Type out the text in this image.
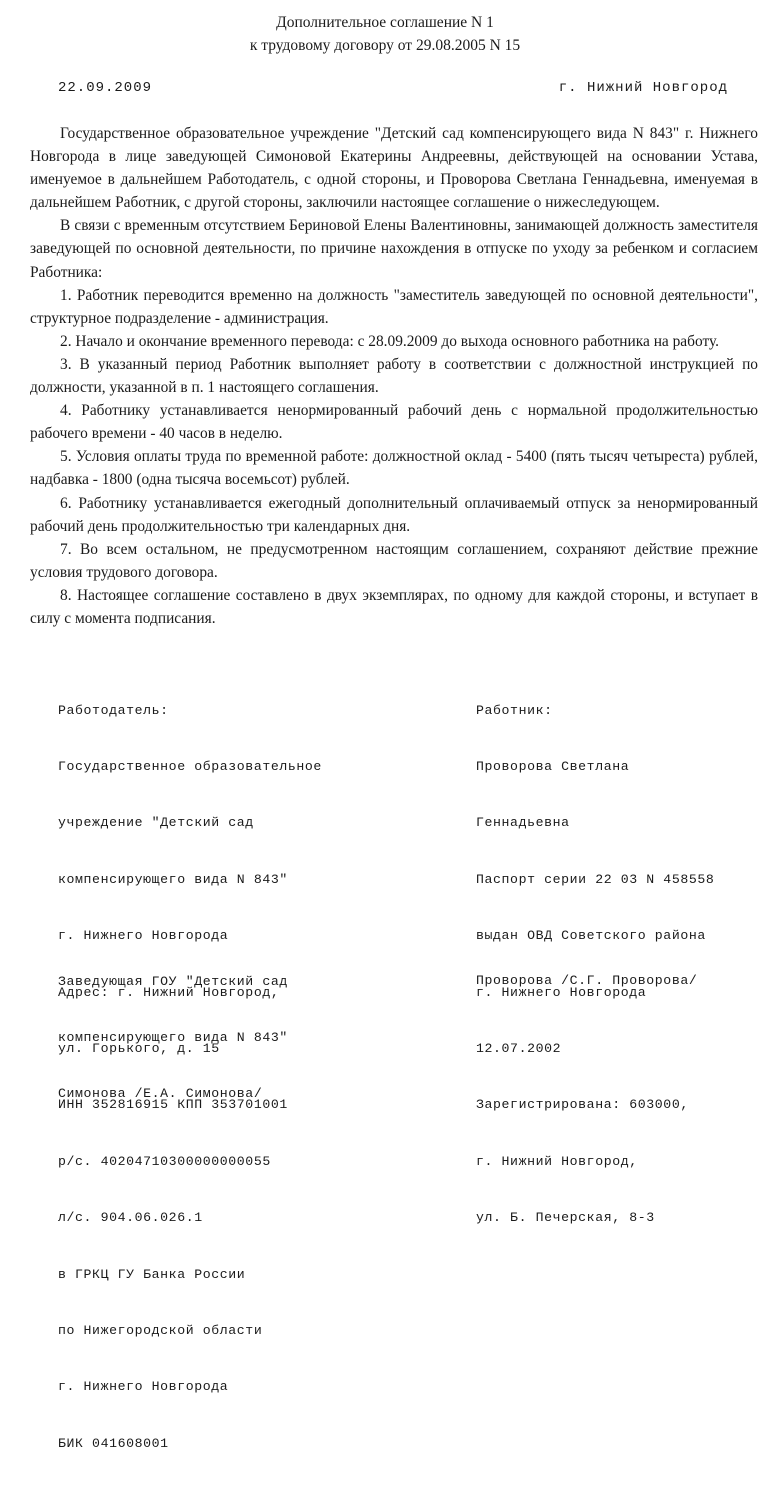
Дополнительное соглашение N 1
к трудовому договору от 29.08.2005 N 15
22.09.2009	г. Нижний Новгород

Государственное образовательное учреждение "Детский сад компенсирующего вида N 843" г. Нижнего Новгорода в лице заведующей Симоновой Екатерины Андреевны, действующей на основании Устава, именуемое в дальнейшем Работодатель, с одной стороны, и Проворова Светлана Геннадьевна, именуемая в дальнейшем Работник, с другой стороны, заключили настоящее соглашение о нижеследующем.

В связи с временным отсутствием Бериновой Елены Валентиновны, занимающей должность заместителя заведующей по основной деятельности, по причине нахождения в отпуске по уходу за ребенком и согласием Работника:

1. Работник переводится временно на должность "заместитель заведующей по основной деятельности", структурное подразделение - администрация.

2. Начало и окончание временного перевода: с 28.09.2009 до выхода основного работника на работу.

3. В указанный период Работник выполняет работу в соответствии с должностной инструкцией по должности, указанной в п. 1 настоящего соглашения.

4. Работнику устанавливается ненормированный рабочий день с нормальной продолжительностью рабочего времени - 40 часов в неделю.

5. Условия оплаты труда по временной работе: должностной оклад - 5400 (пять тысяч четыреста) рублей, надбавка - 1800 (одна тысяча восемьсот) рублей.

6. Работнику устанавливается ежегодный дополнительный оплачиваемый отпуск за ненормированный рабочий день продолжительностью три календарных дня.

7. Во всем остальном, не предусмотренном настоящим соглашением, сохраняют действие прежние условия трудового договора.

8. Настоящее соглашение составлено в двух экземплярах, по одному для каждой стороны, и вступает в силу с момента подписания.

Работодатель:

Государственное образовательное

учреждение "Детский сад

компенсирующего вида N 843"

г. Нижнего Новгорода

Адрес: г. Нижний Новгород,

ул. Горького, д. 15

ИНН 352816915 КПП 353701001

р/с. 40204710300000000055

л/с. 904.06.026.1

в ГРКЦ ГУ Банка России

по Нижегородской области

г. Нижнего Новгорода

БИК 041608001

Работник:

Проворова Светлана

Геннадьевна

Паспорт серии 22 03 N 458558

выдан ОВД Советского района

г. Нижнего Новгорода

12.07.2002

Зарегистрирована: 603000,

г. Нижний Новгород,

ул. Б. Печерская, 8-3

Заведующая ГОУ "Детский сад

компенсирующего вида N 843"

Симонова /Е.А. Симонова/

Проворова /С.Г. Проворова/
